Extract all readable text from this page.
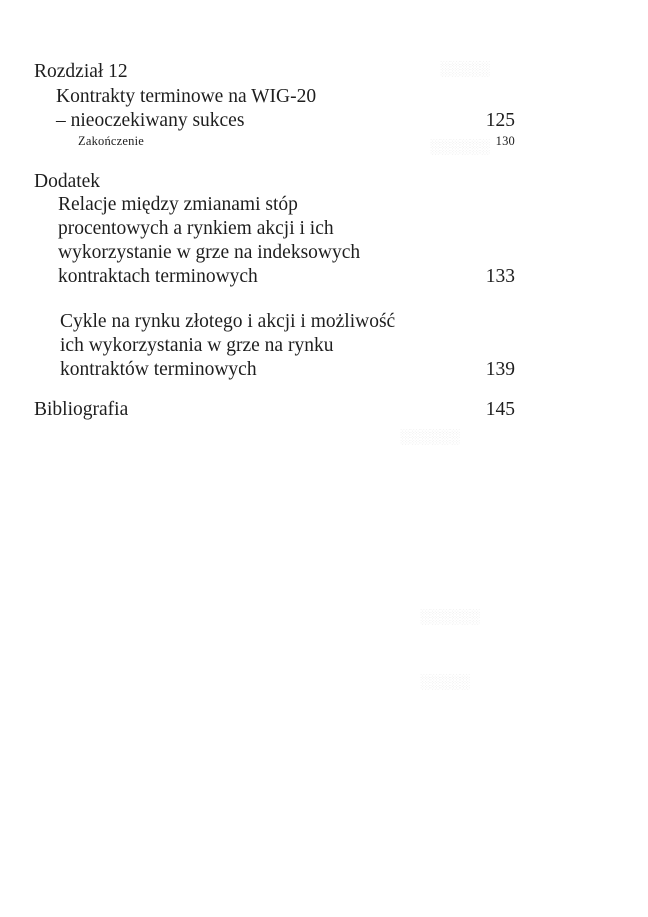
░░░░░
░░░░░░
░░░░░░
░░░░░░
░░░░░
Rozdział 12
Kontrakty terminowe na WIG-20
– nieoczekiwany sukces	125
Zakończenie	130
Dodatek
Relacje między zmianami stóp
procentowych a rynkiem akcji i ich
wykorzystanie w grze na indeksowych
kontraktach terminowych	133
Cykle na rynku złotego i akcji i możliwość
ich wykorzystania w grze na rynku
kontraktów terminowych	139
Bibliografia	145
